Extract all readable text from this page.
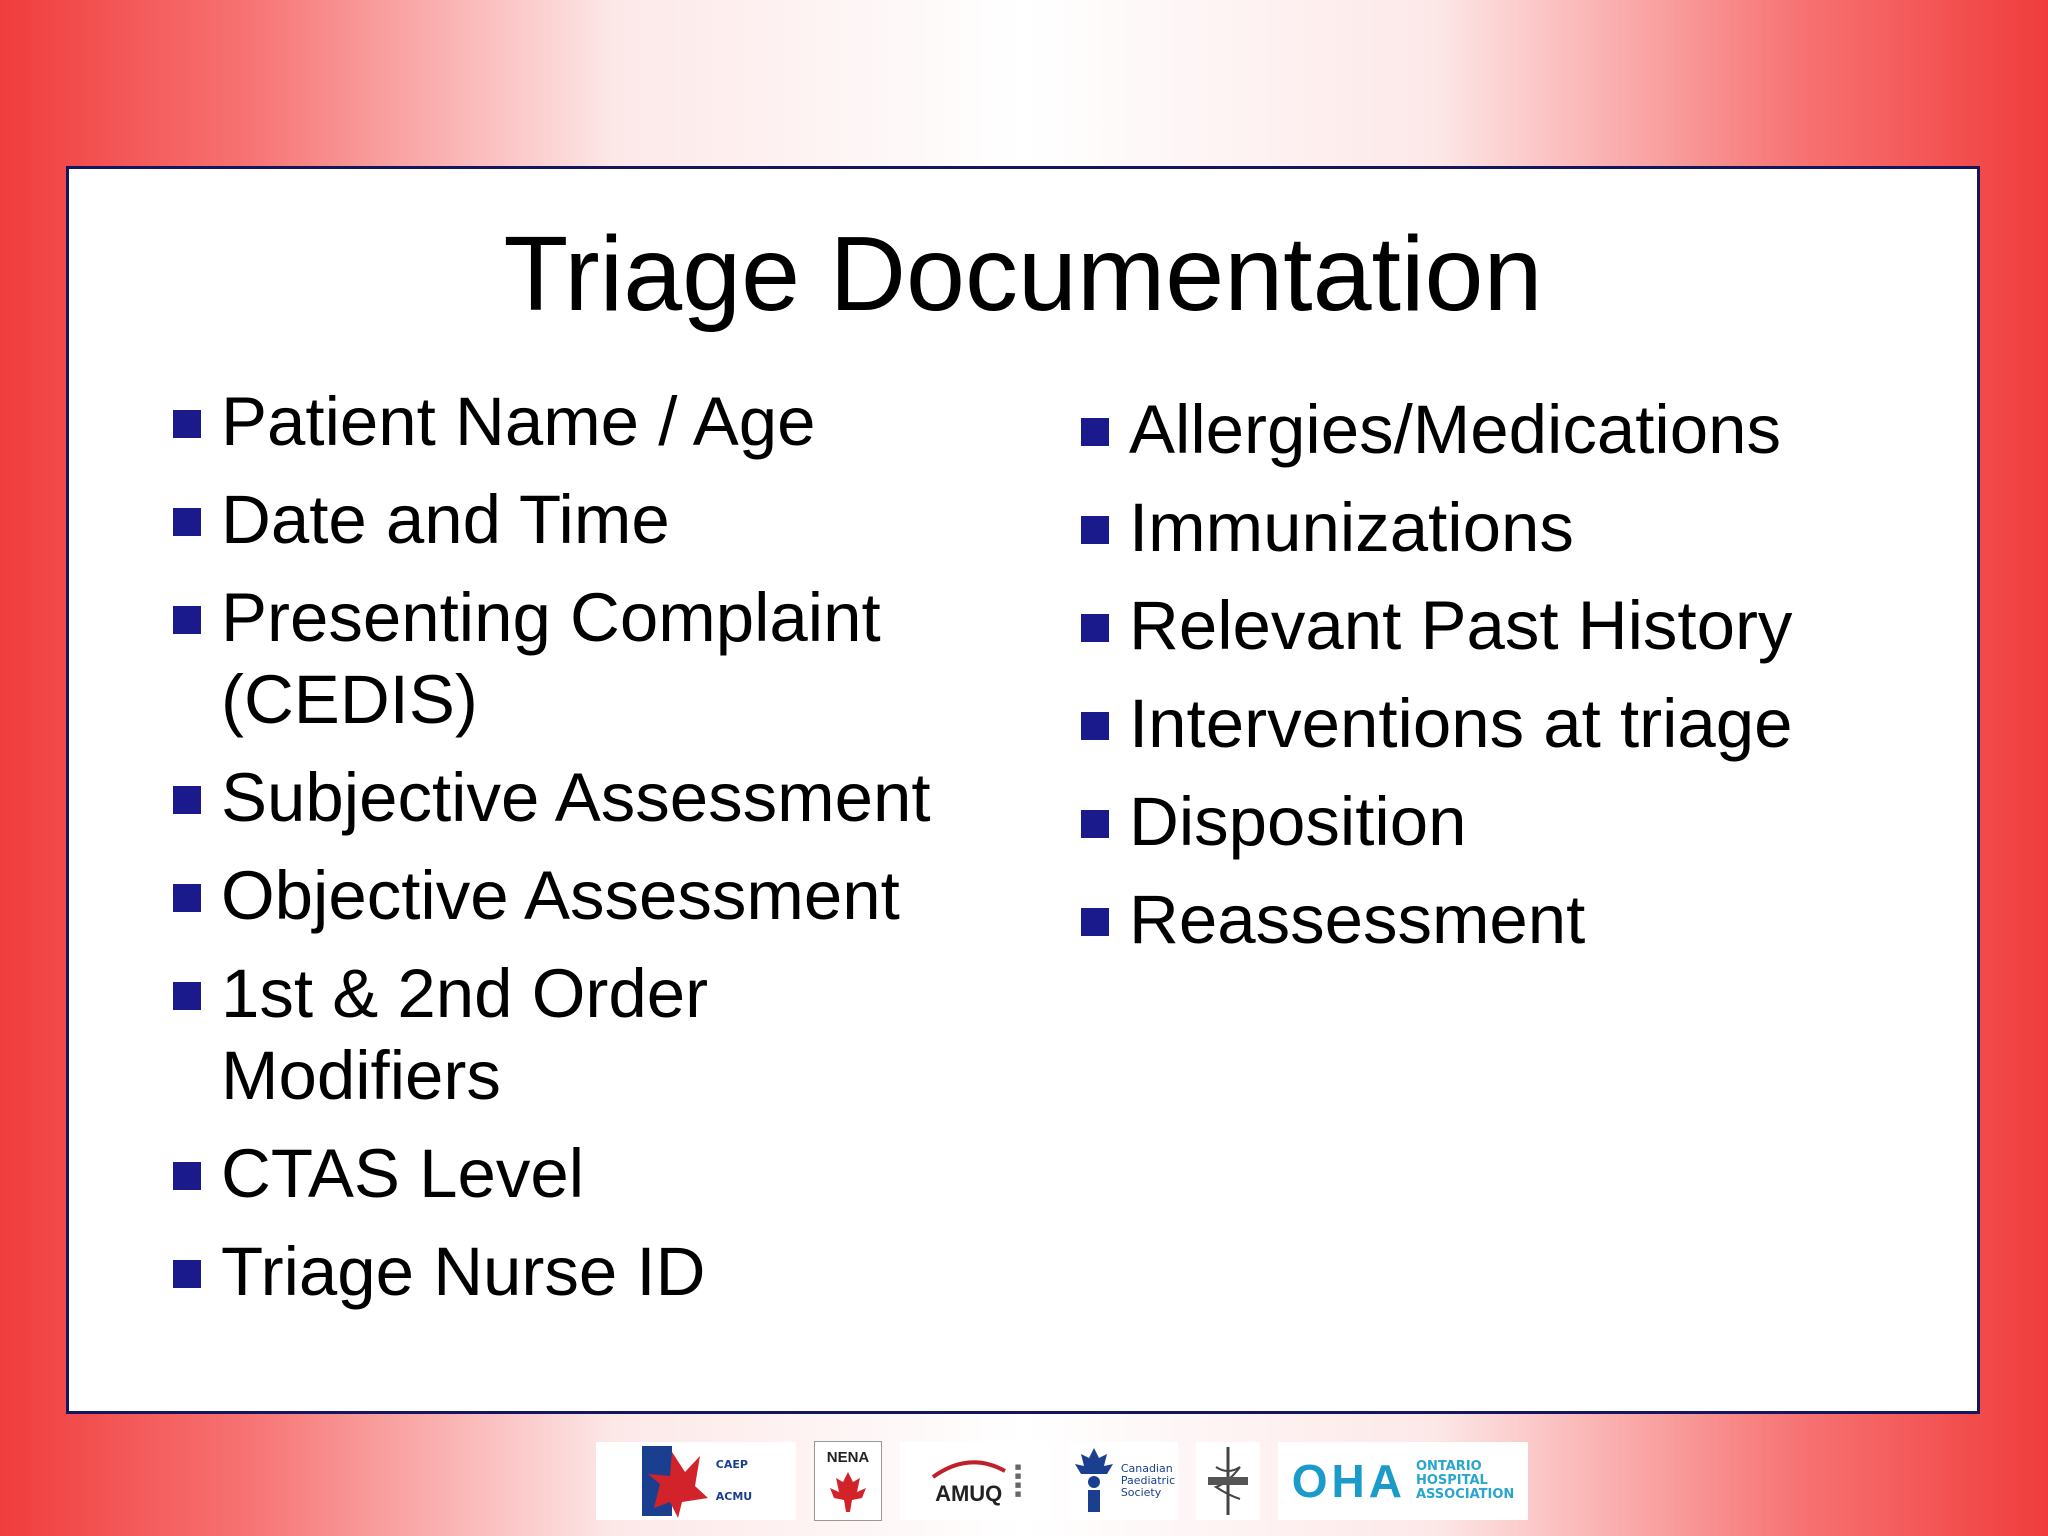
Triage Documentation
Patient Name / Age
Date and Time
Presenting Complaint (CEDIS)
Subjective Assessment
Objective Assessment
1st & 2nd Order Modifiers
CTAS Level
Triage Nurse ID
Allergies/Medications
Immunizations
Relevant Past History
Interventions at triage
Disposition
Reassessment
CAEP
ACMU
NENA
AMUQ
■
■
■
■
Canadian
Paediatric
Society	OHA ONTARIO
HOSPITAL
ASSOCIATION
